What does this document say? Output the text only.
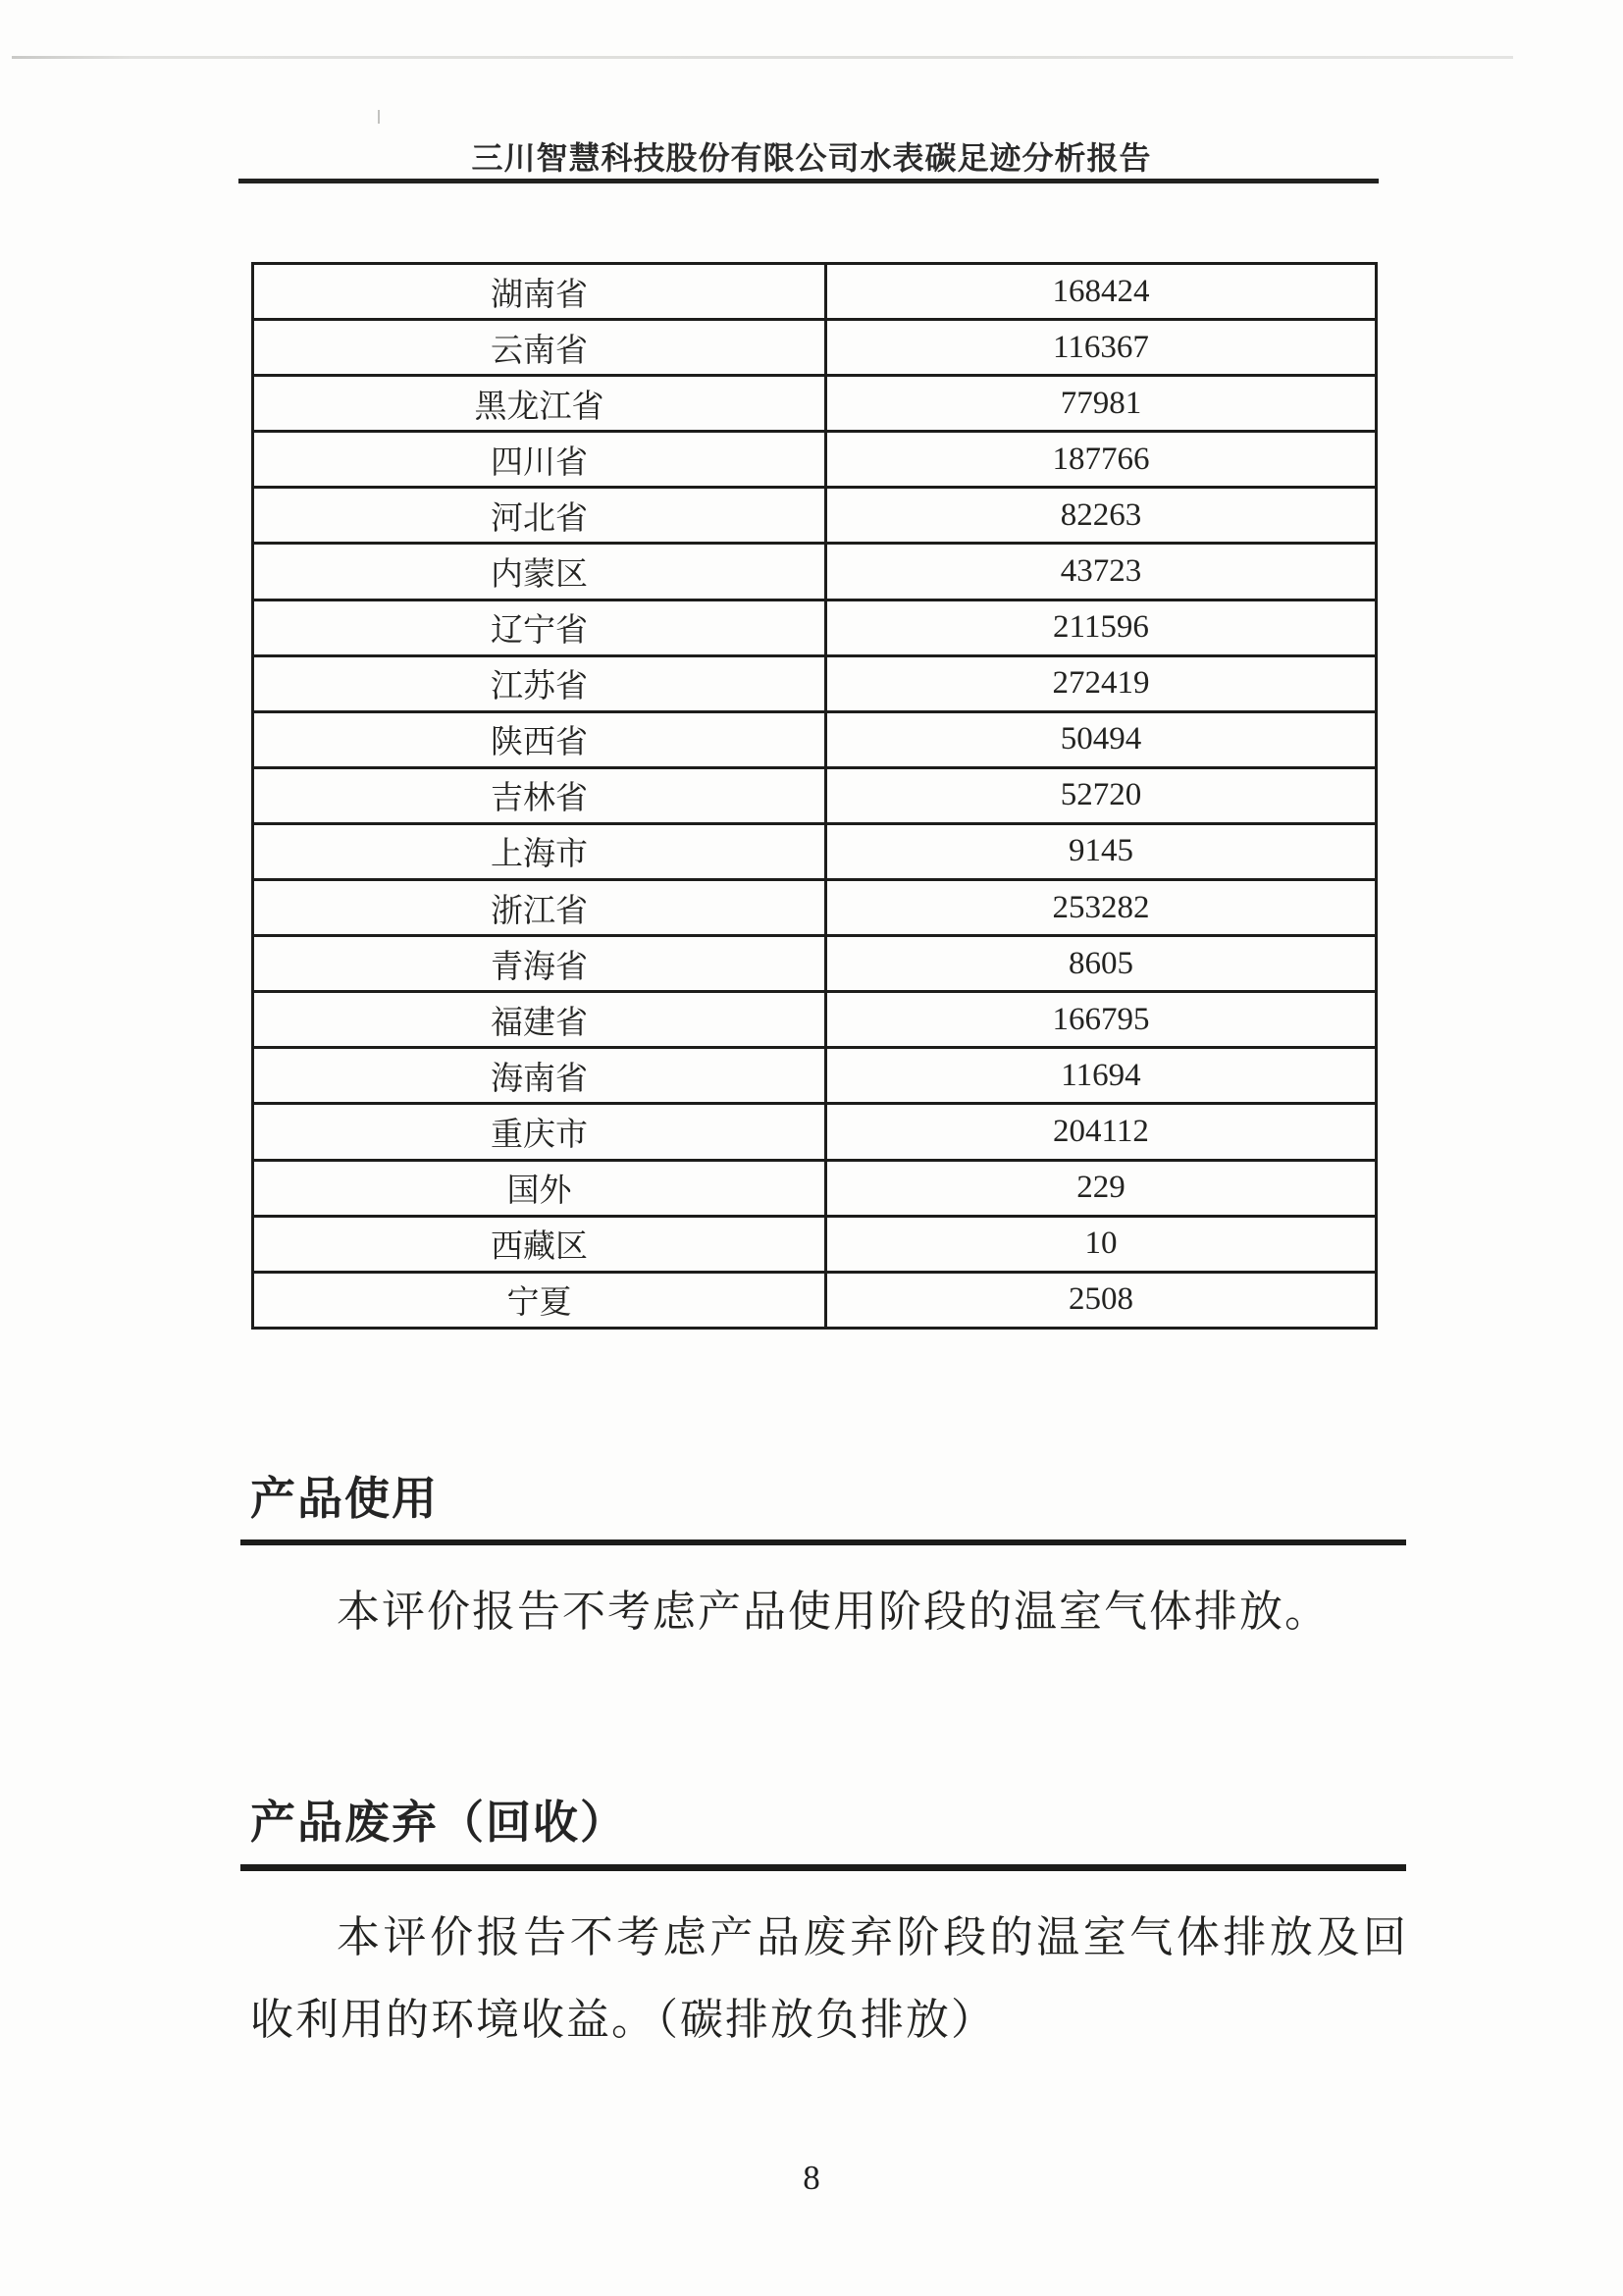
三川智慧科技股份有限公司水表碳足迹分析报告
湖南省	168424
云南省	116367
黑龙江省	77981
四川省	187766
河北省	82263
内蒙区	43723
辽宁省	211596
江苏省	272419
陕西省	50494
吉林省	52720
上海市	9145
浙江省	253282
青海省	8605
福建省	166795
海南省	11694
重庆市	204112
国外	229
西藏区	10
宁夏	2508
产品使用
本评价报告不考虑产品使用阶段的温室气体排放。
产品废弃（回收）
本评价报告不考虑产品废弃阶段的温室气体排放及回收利用的环境收益。（碳排放负排放）
8
